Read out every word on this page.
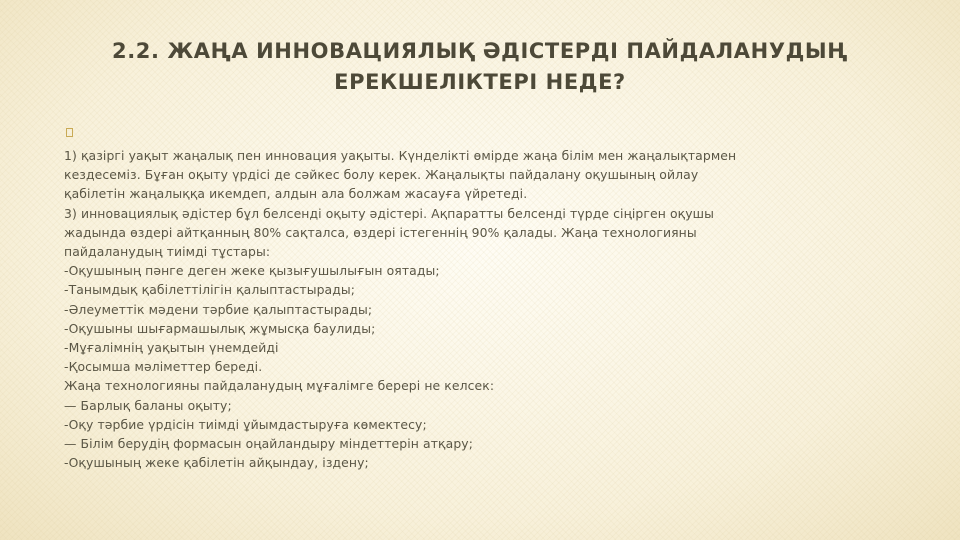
2.2. ЖАҢА ИННОВАЦИЯЛЫҚ ӘДІСТЕРДІ ПАЙДАЛАНУДЫҢ
ЕРЕКШЕЛІКТЕРІ НЕДЕ?
1) қазіргі уақыт жаңалық пен инновация уақыты. Күнделікті өмірде жаңа білім мен жаңалықтармен
кездесеміз. Бұған оқыту үрдісі де сәйкес болу керек. Жаңалықты пайдалану оқушының ойлау
қабілетін жаңалыққа икемдеп, алдын ала болжам жасауға үйретеді.
3) инновациялық әдістер бұл белсенді оқыту әдістері. Ақпаратты белсенді түрде сіңірген оқушы
жадында өздері айтқанның 80% сақталса, өздері істегеннің 90% қалады. Жаңа технологияны
пайдаланудың тиімді тұстары:
-Оқушының пәнге деген жеке қызығушылығын оятады;
-Танымдық қабілеттілігін қалыптастырады;
-Әлеуметтік мәдени тәрбие қалыптастырады;
-Оқушыны шығармашылық жұмысқа баулиды;
-Мұғалімнің уақытын үнемдейді
-Қосымша мәліметтер береді.
Жаңа технологияны пайдаланудың мұғалімге берері не келсек:
— Барлық баланы оқыту;
-Оқу тәрбие үрдісін тиімді ұйымдастыруға көмектесу;
— Білім берудің формасын оңайландыру міндеттерін атқару;
-Оқушының жеке қабілетін айқындау, іздену;
